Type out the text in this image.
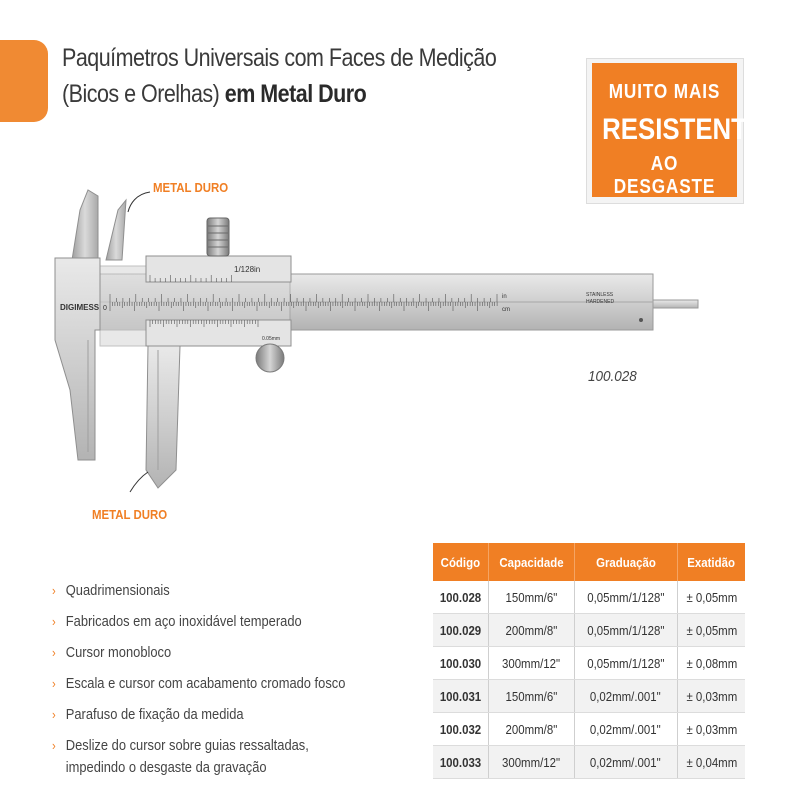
Paquímetros Universais com Faces de Medição
(Bicos e Orelhas) em Metal Duro	MUITO MAIS
RESISTENTE
AO DESGASTE
DIGIMESS 0
1/128in
0.05mm
in
cm
STAINLESS
HARDENED
METAL DURO
METAL DURO
100.028
› Quadrimensionais
› Fabricados em aço inoxidável temperado
› Cursor monobloco
› Escala e cursor com acabamento cromado fosco
› Parafuso de fixação da medida
› Deslize do cursor sobre guias ressaltadas,
impedindo o desgaste da gravação
Código	Capacidade	Graduação	Exatidão
100.028	150mm/6"	0,05mm/1/128"	± 0,05mm
100.029	200mm/8"	0,05mm/1/128"	± 0,05mm
100.030	300mm/12"	0,05mm/1/128"	± 0,08mm
100.031	150mm/6"	0,02mm/.001"	± 0,03mm
100.032	200mm/8"	0,02mm/.001"	± 0,03mm
100.033	300mm/12"	0,02mm/.001"	± 0,04mm
